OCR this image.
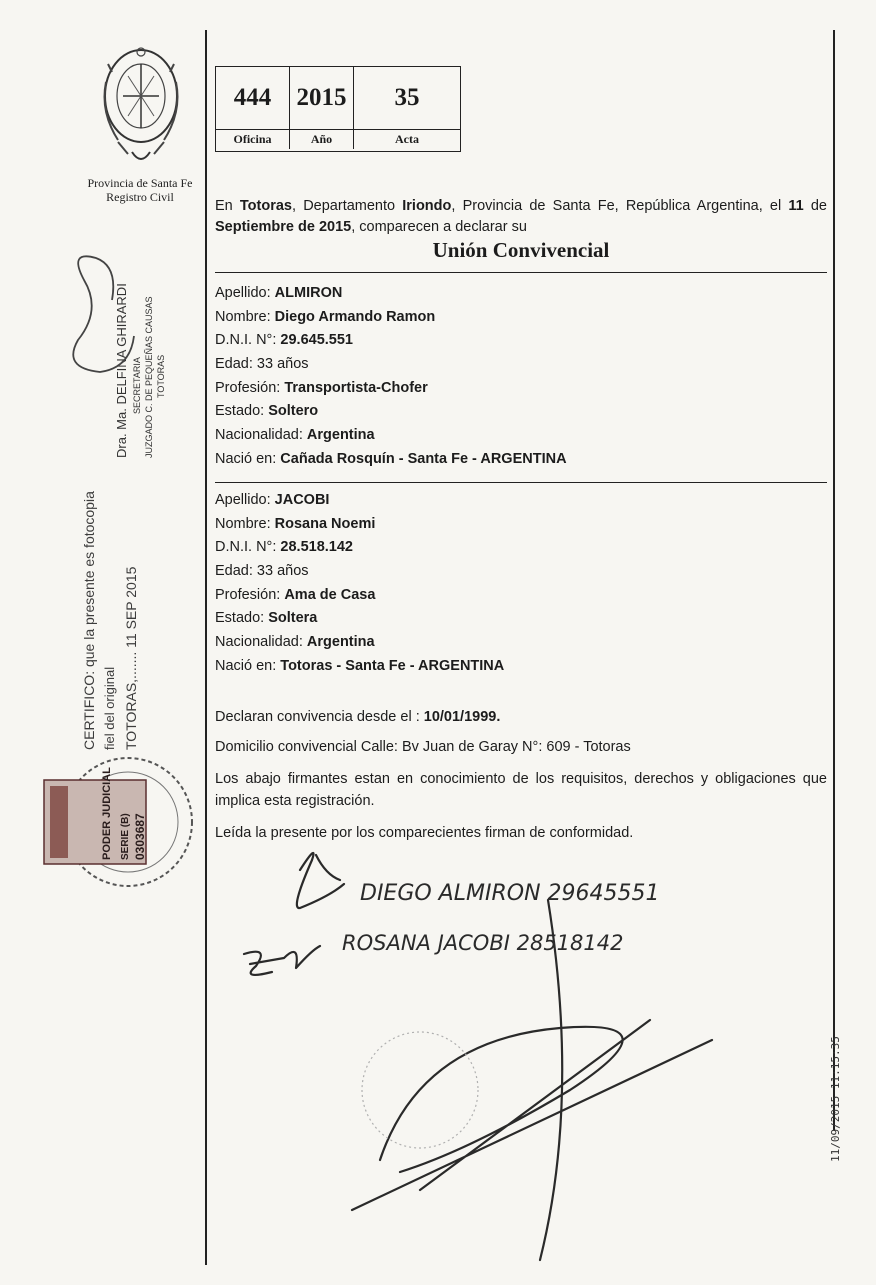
Provincia de Santa Fe
Registro Civil
444	2015	35
Oficina	Año	Acta
En Totoras, Departamento Iriondo, Provincia de Santa Fe, República Argentina, el 11 de Septiembre de 2015, comparecen a declarar su
Unión Convivencial
Apellido: ALMIRON
Nombre: Diego Armando Ramon
D.N.I. N°: 29.645.551
Edad: 33 años
Profesión: Transportista-Chofer
Estado: Soltero
Nacionalidad: Argentina
Nació en: Cañada Rosquín - Santa Fe - ARGENTINA
Apellido: JACOBI
Nombre: Rosana Noemi
D.N.I. N°: 28.518.142
Edad: 33 años
Profesión: Ama de Casa
Estado: Soltera
Nacionalidad: Argentina
Nació en: Totoras - Santa Fe - ARGENTINA
Declaran convivencia desde el : 10/01/1999.
Domicilio convivencial Calle: Bv Juan de Garay N°: 609 - Totoras
Los abajo firmantes estan en conocimiento de los requisitos, derechos y obligaciones que implica esta registración.
Leída la presente por los comparecientes firman de conformidad.
Dra. Ma. DELFINA GHIRARDI SECRETARIA JUZGADO C. DE PEQUEÑAS CAUSAS TOTORAS
CERTIFICO: que la presente es fotocopia fiel del original TOTORAS,....... 11 SEP 2015
PODER JUDICIAL SERIE (B) 0303687
DIEGO ALMIRON 29645551
ROSANA JACOBI 28518142
11/09/2015 11:15:35
